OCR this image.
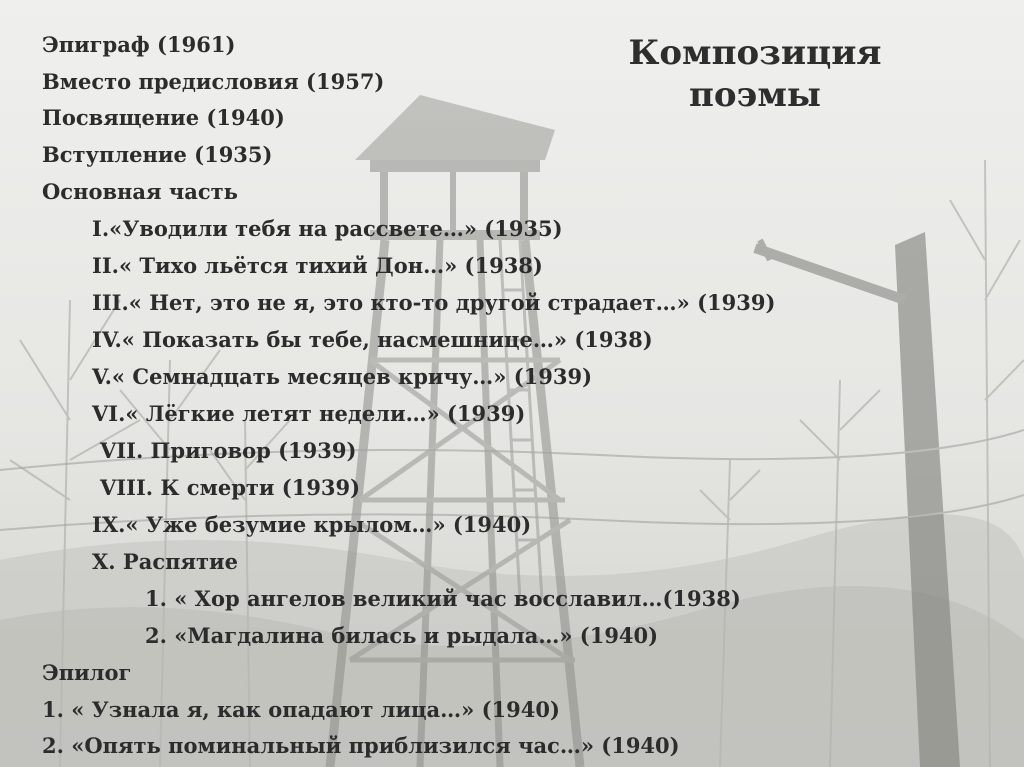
Композиция
поэмы
Эпиграф (1961)
Вместо предисловия (1957)
Посвящение (1940)
Вступление (1935)
Основная часть
I.«Уводили тебя на рассвете…» (1935)
II.« Тихо льётся тихий Дон…» (1938)
III.« Нет, это не я, это кто-то другой страдает…» (1939)
IV.« Показать бы тебе, насмешнице…» (1938)
V.« Семнадцать месяцев кричу…» (1939)
VI.« Лёгкие летят недели…» (1939)
VII. Приговор (1939)
VIII. К смерти (1939)
IX.« Уже безумие крылом…» (1940)
X. Распятие
1. « Хор ангелов великий час восславил…(1938)
2. «Магдалина билась и рыдала…» (1940)
Эпилог
1. « Узнала я, как опадают лица…» (1940)
2. «Опять поминальный приблизился час…» (1940)
